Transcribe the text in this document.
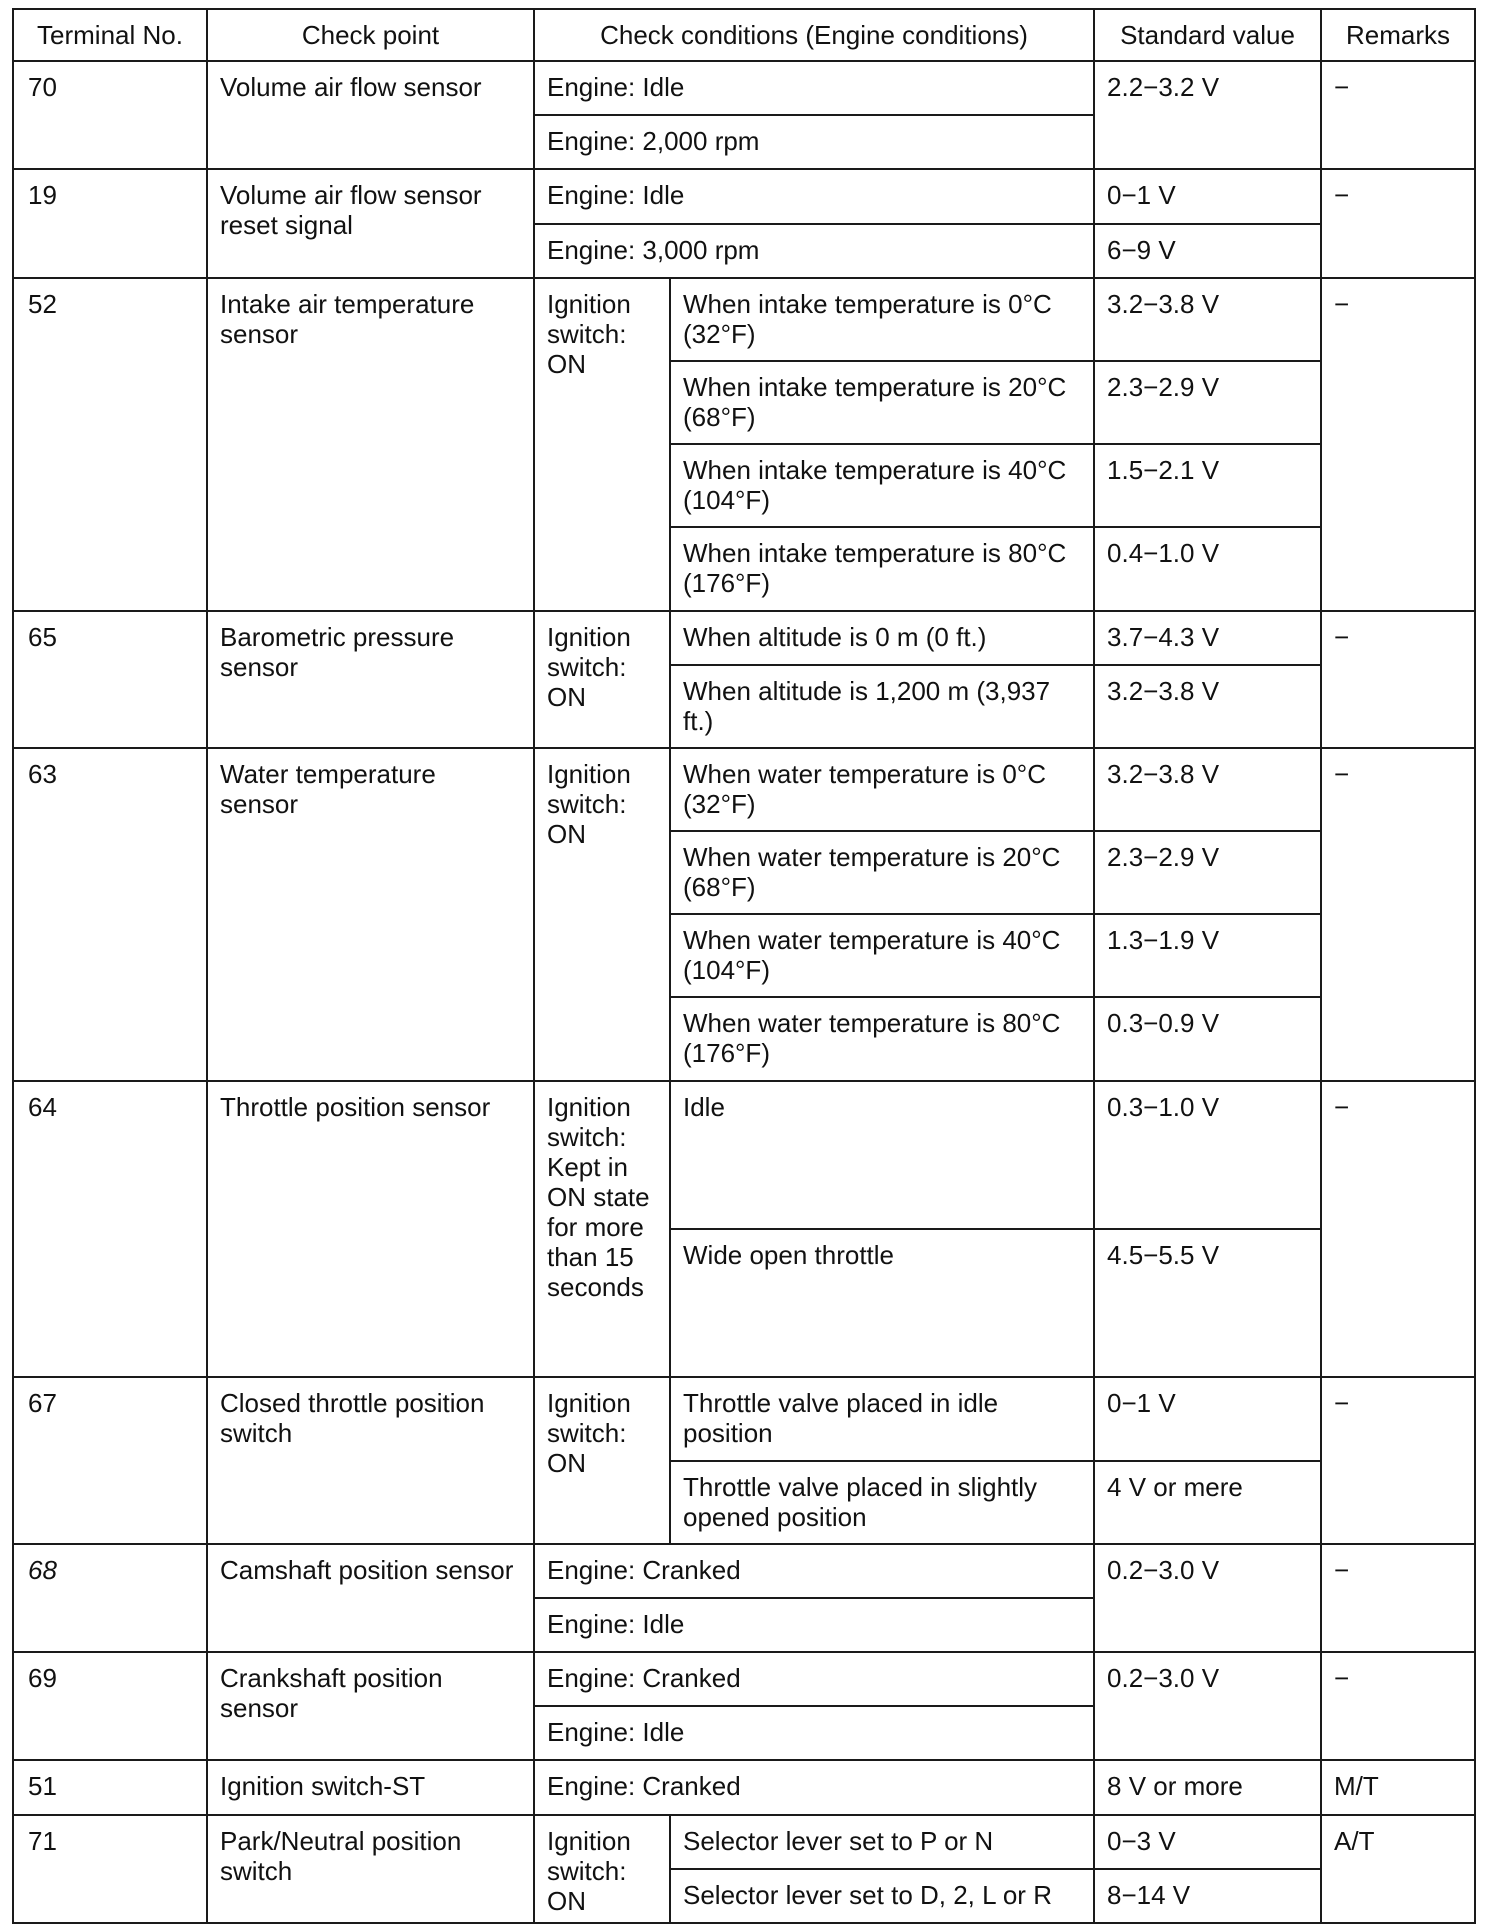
Terminal No.	Check point	Check conditions (Engine conditions)		Standard value	Remarks
70	Volume air flow sensor	Engine: Idle		2.2−3.2 V	−
		Engine: 2,000 rpm			
19	Volume air flow sensor reset signal	Engine: Idle		0−1 V	−
		Engine: 3,000 rpm		6−9 V	
52	Intake air temperature sensor	Ignition switch: ON	When intake temperature is 0°C (32°F)	3.2−3.8 V	−
			When intake temperature is 20°C (68°F)	2.3−2.9 V	
			When intake temperature is 40°C (104°F)	1.5−2.1 V	
			When intake temperature is 80°C (176°F)	0.4−1.0 V	
65	Barometric pressure sensor	Ignition switch: ON	When altitude is 0 m (0 ft.)	3.7−4.3 V	−
			When altitude is 1,200 m (3,937 ft.)	3.2−3.8 V	
63	Water temperature sensor	Ignition switch: ON	When water temperature is 0°C (32°F)	3.2−3.8 V	−
			When water temperature is 20°C (68°F)	2.3−2.9 V	
			When water temperature is 40°C (104°F)	1.3−1.9 V	
			When water temperature is 80°C (176°F)	0.3−0.9 V	
64	Throttle position sensor	Ignition switch: Kept in ON state for more than 15 seconds	Idle	0.3−1.0 V	−
			Wide open throttle	4.5−5.5 V	
67	Closed throttle position switch	Ignition switch: ON	Throttle valve placed in idle position	0−1 V	−
			Throttle valve placed in slightly opened position	4 V or mere	
68	Camshaft position sensor	Engine: Cranked		0.2−3.0 V	−
		Engine: Idle			
69	Crankshaft position sensor	Engine: Cranked		0.2−3.0 V	−
		Engine: Idle			
51	Ignition switch-ST	Engine: Cranked		8 V or more	M/T
71	Park/Neutral position switch	Ignition switch: ON	Selector lever set to P or N	0−3 V	A/T
			Selector lever set to D, 2, L or R	8−14 V	
